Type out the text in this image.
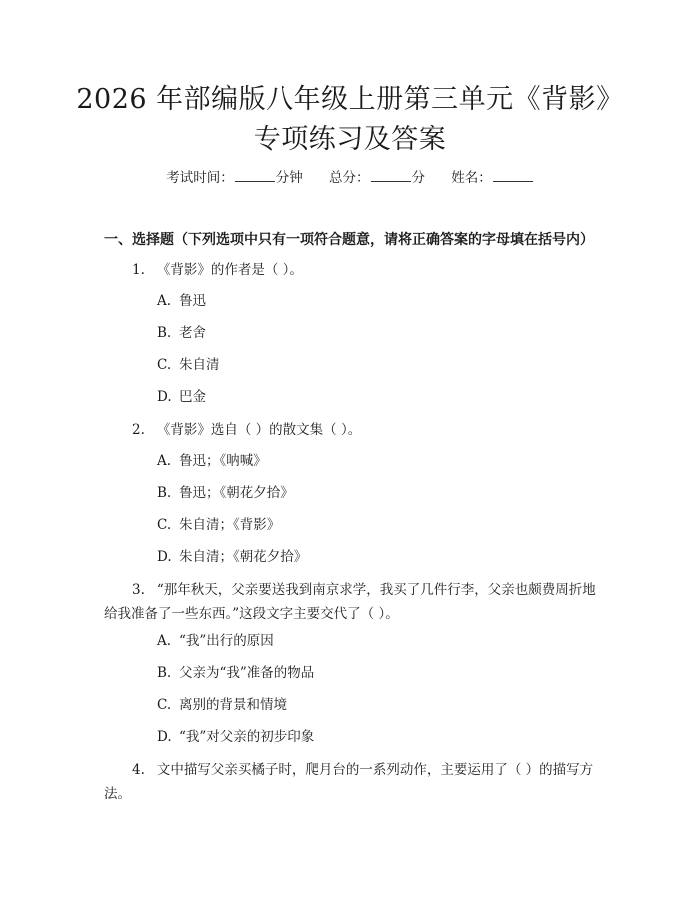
2026 年部编版八年级上册第三单元《背影》
专项练习及答案
考试时间：	分钟 总分：	分 姓名：
一、选择题（下列选项中只有一项符合题意，请将正确答案的字母填在括号内）
1. 《背影》的作者是（ ）。
A. 鲁迅
B. 老舍
C. 朱自清
D. 巴金
2. 《背影》选自（ ）的散文集（ ）。
A. 鲁迅；《呐喊》
B. 鲁迅；《朝花夕拾》
C. 朱自清；《背影》
D. 朱自清；《朝花夕拾》
3. “那年秋天，父亲要送我到南京求学，我买了几件行李，父亲也颇费周折地给我准备了一些东西。”这段文字主要交代了（ ）。
A. “我”出行的原因
B. 父亲为“我”准备的物品
C. 离别的背景和情境
D. “我”对父亲的初步印象
4. 文中描写父亲买橘子时，爬月台的一系列动作，主要运用了（ ）的描写方法。
